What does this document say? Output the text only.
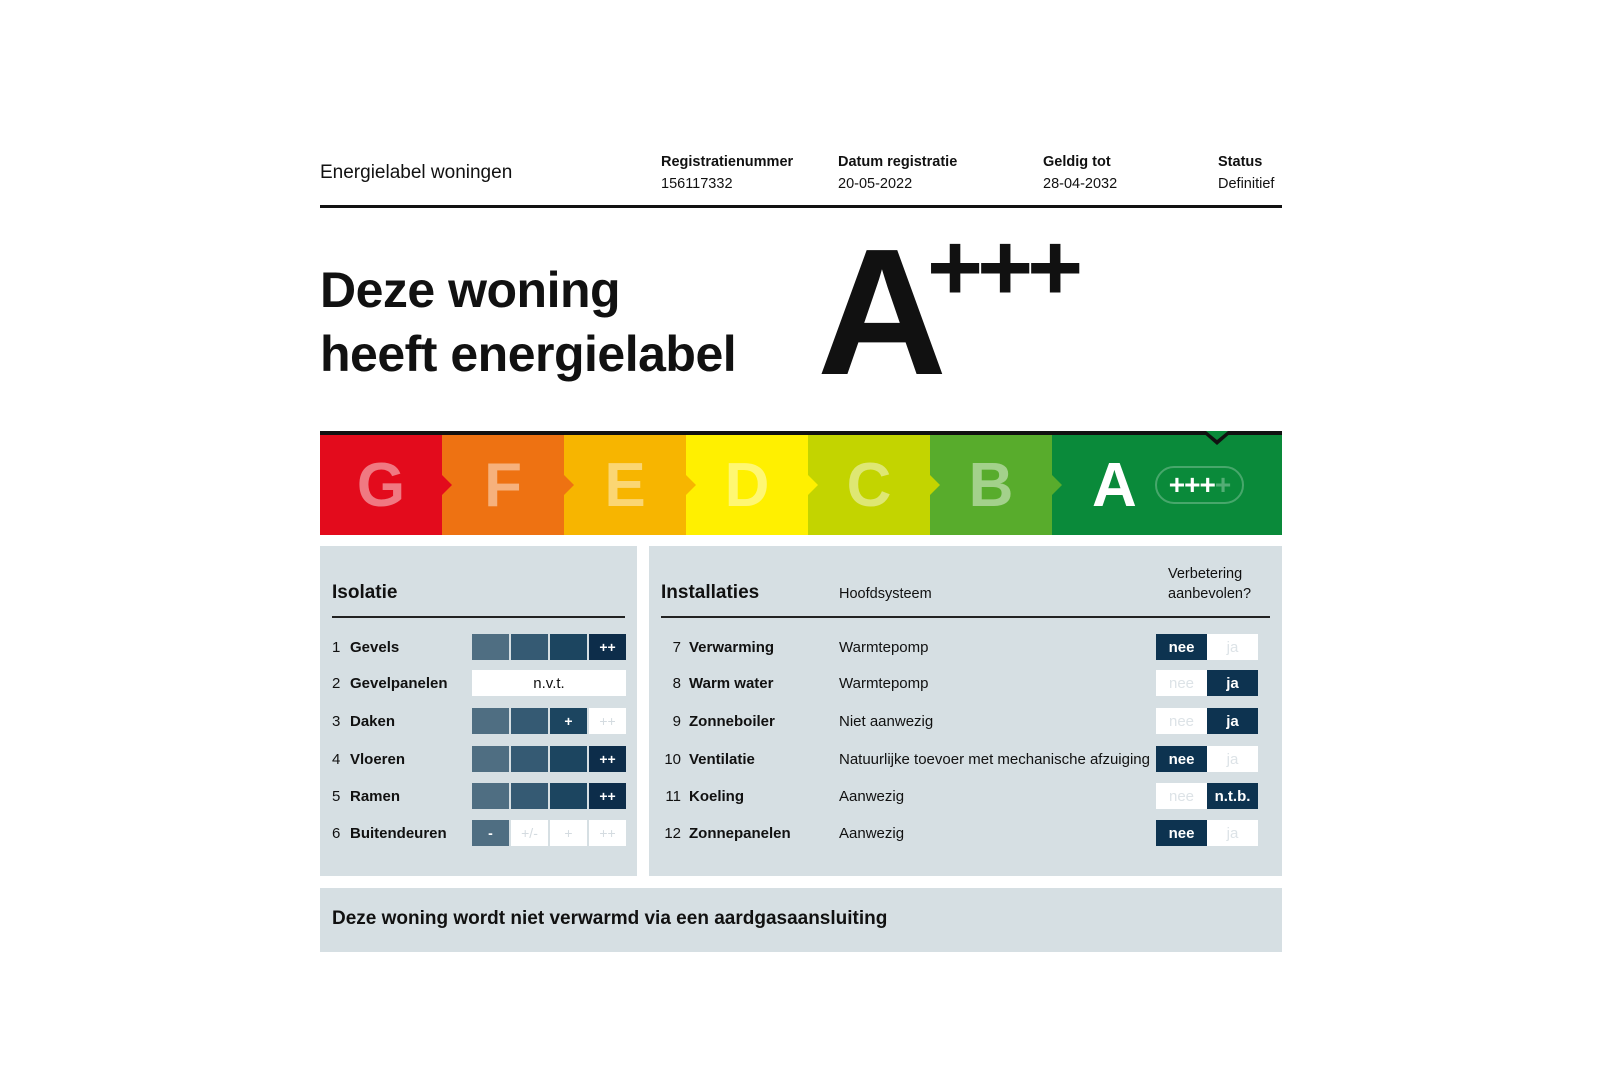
Energielabel woningen	Registratienummer
156117332
Datum registratie
20-05-2022
Geldig tot
28-04-2032
Status
Definitief
Deze woning
heeft energielabel A
+++
G F E D C B A +++ +
Isolatie
1 Gevels	++
2 Gevelpanelen	n.v.t.
3 Daken	+	++
4 Vloeren	++
5 Ramen	++
6 Buitendeuren	-	+/-	+	++
Installaties	Hoofdsysteem
Verbetering
aanbevolen?
7 Verwarming	Warmtepomp	nee	ja
8 Warm water	Warmtepomp	nee	ja
9 Zonneboiler	Niet aanwezig	nee	ja
10 Ventilatie	Natuurlijke toevoer met mechanische afzuiging	nee	ja
11 Koeling	Aanwezig	nee	n.t.b.
12 Zonnepanelen	Aanwezig	nee	ja
Deze woning wordt niet verwarmd via een aardgasaansluiting
